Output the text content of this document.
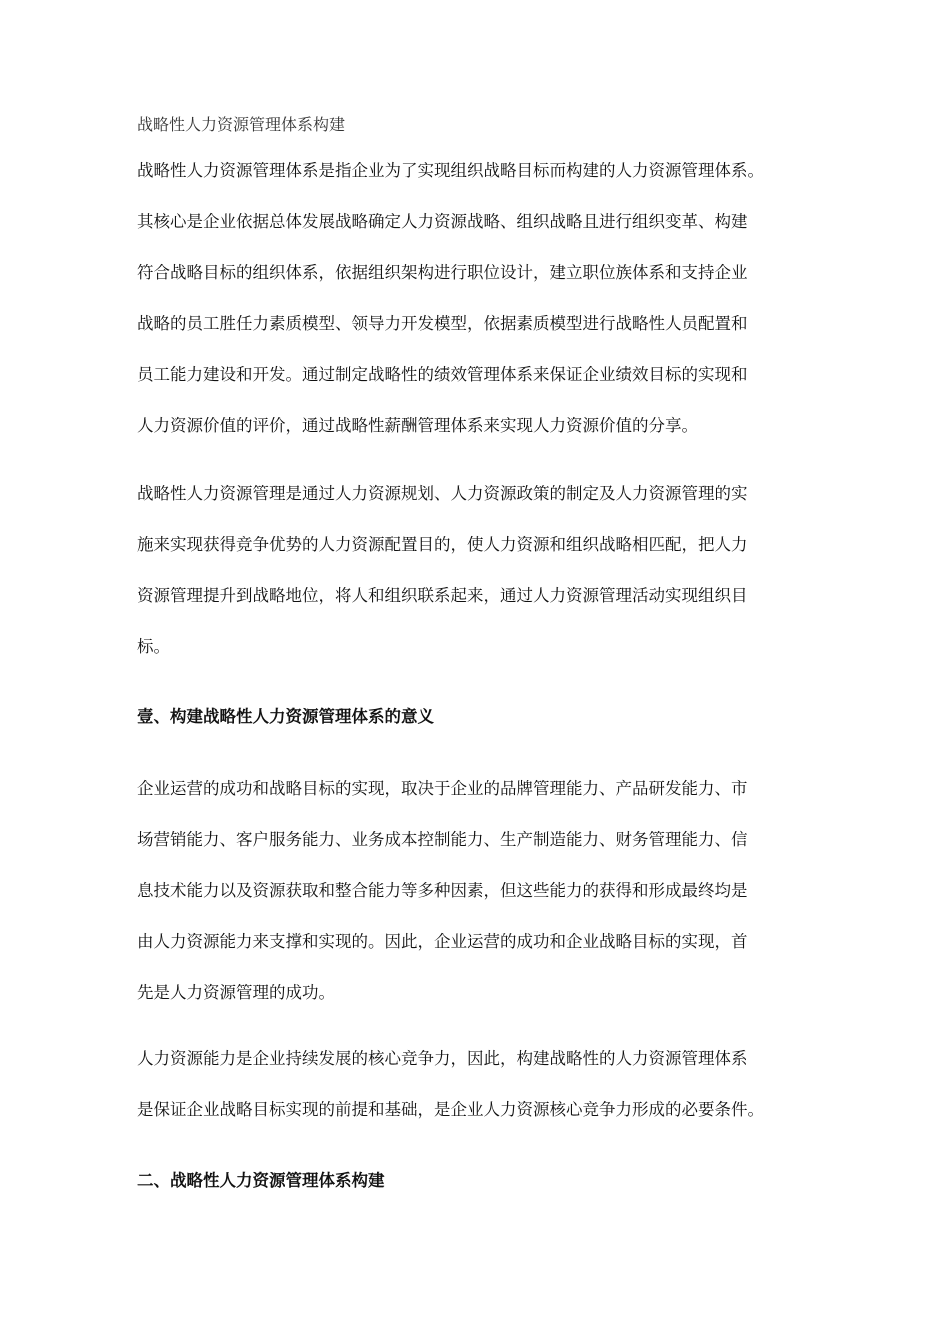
战略性人力资源管理体系构建
战略性人力资源管理体系是指企业为了实现组织战略目标而构建的人力资源管理体系。
其核心是企业依据总体发展战略确定人力资源战略、组织战略且进行组织变革、构建
符合战略目标的组织体系，依据组织架构进行职位设计，建立职位族体系和支持企业
战略的员工胜任力素质模型、领导力开发模型，依据素质模型进行战略性人员配置和
员工能力建设和开发。通过制定战略性的绩效管理体系来保证企业绩效目标的实现和
人力资源价值的评价，通过战略性薪酬管理体系来实现人力资源价值的分享。
战略性人力资源管理是通过人力资源规划、人力资源政策的制定及人力资源管理的实
施来实现获得竞争优势的人力资源配置目的，使人力资源和组织战略相匹配，把人力
资源管理提升到战略地位，将人和组织联系起来，通过人力资源管理活动实现组织目
标。
壹、构建战略性人力资源管理体系的意义
企业运营的成功和战略目标的实现，取决于企业的品牌管理能力、产品研发能力、市
场营销能力、客户服务能力、业务成本控制能力、生产制造能力、财务管理能力、信
息技术能力以及资源获取和整合能力等多种因素，但这些能力的获得和形成最终均是
由人力资源能力来支撑和实现的。因此，企业运营的成功和企业战略目标的实现，首
先是人力资源管理的成功。
人力资源能力是企业持续发展的核心竞争力，因此，构建战略性的人力资源管理体系
是保证企业战略目标实现的前提和基础，是企业人力资源核心竞争力形成的必要条件。
二、战略性人力资源管理体系构建
